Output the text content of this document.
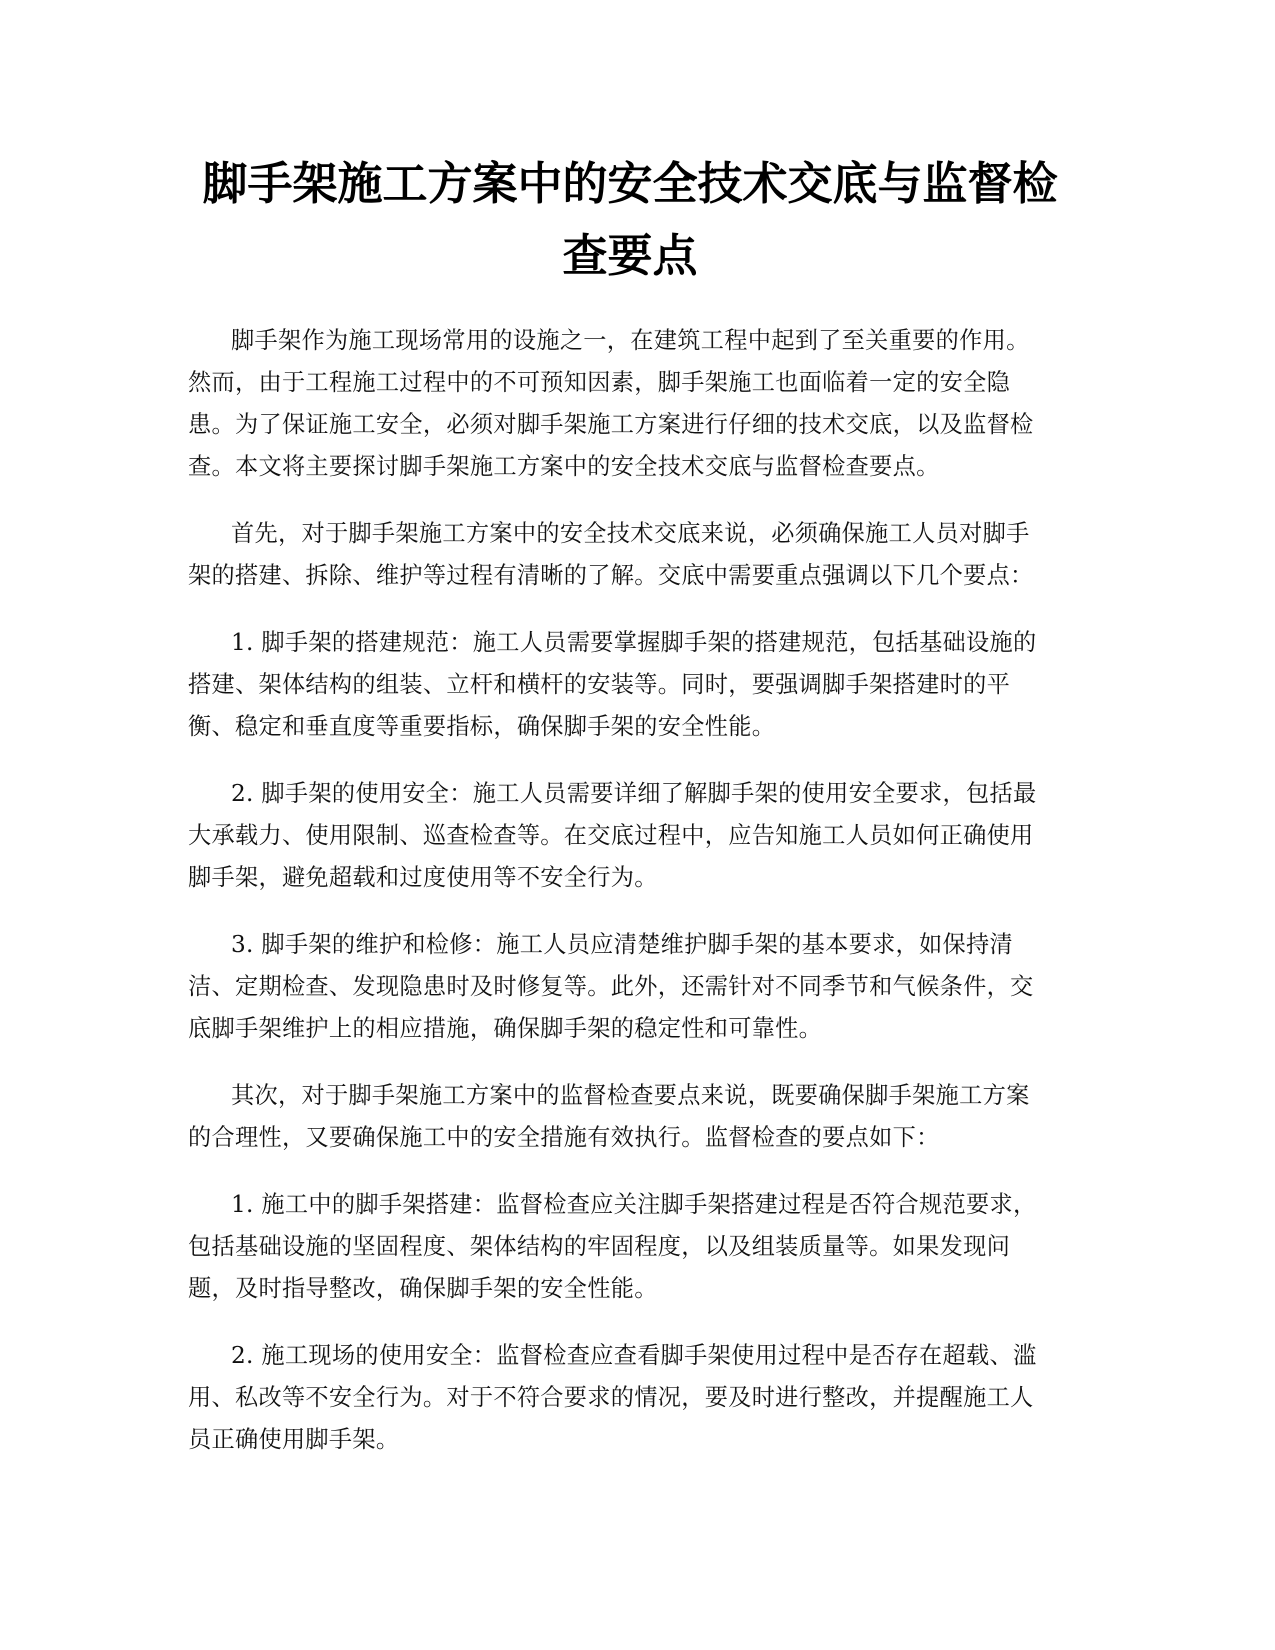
脚手架施工方案中的安全技术交底与监督检
查要点

脚手架作为施工现场常用的设施之一，在建筑工程中起到了至关重要的作用。
然而，由于工程施工过程中的不可预知因素，脚手架施工也面临着一定的安全隐
患。为了保证施工安全，必须对脚手架施工方案进行仔细的技术交底，以及监督检
查。本文将主要探讨脚手架施工方案中的安全技术交底与监督检查要点。

首先，对于脚手架施工方案中的安全技术交底来说，必须确保施工人员对脚手
架的搭建、拆除、维护等过程有清晰的了解。交底中需要重点强调以下几个要点：

1. 脚手架的搭建规范：施工人员需要掌握脚手架的搭建规范，包括基础设施的
搭建、架体结构的组装、立杆和横杆的安装等。同时，要强调脚手架搭建时的平
衡、稳定和垂直度等重要指标，确保脚手架的安全性能。

2. 脚手架的使用安全：施工人员需要详细了解脚手架的使用安全要求，包括最
大承载力、使用限制、巡查检查等。在交底过程中，应告知施工人员如何正确使用
脚手架，避免超载和过度使用等不安全行为。

3. 脚手架的维护和检修：施工人员应清楚维护脚手架的基本要求，如保持清
洁、定期检查、发现隐患时及时修复等。此外，还需针对不同季节和气候条件，交
底脚手架维护上的相应措施，确保脚手架的稳定性和可靠性。

其次，对于脚手架施工方案中的监督检查要点来说，既要确保脚手架施工方案
的合理性，又要确保施工中的安全措施有效执行。监督检查的要点如下：

1. 施工中的脚手架搭建：监督检查应关注脚手架搭建过程是否符合规范要求，
包括基础设施的坚固程度、架体结构的牢固程度，以及组装质量等。如果发现问
题，及时指导整改，确保脚手架的安全性能。

2. 施工现场的使用安全：监督检查应查看脚手架使用过程中是否存在超载、滥
用、私改等不安全行为。对于不符合要求的情况，要及时进行整改，并提醒施工人
员正确使用脚手架。
